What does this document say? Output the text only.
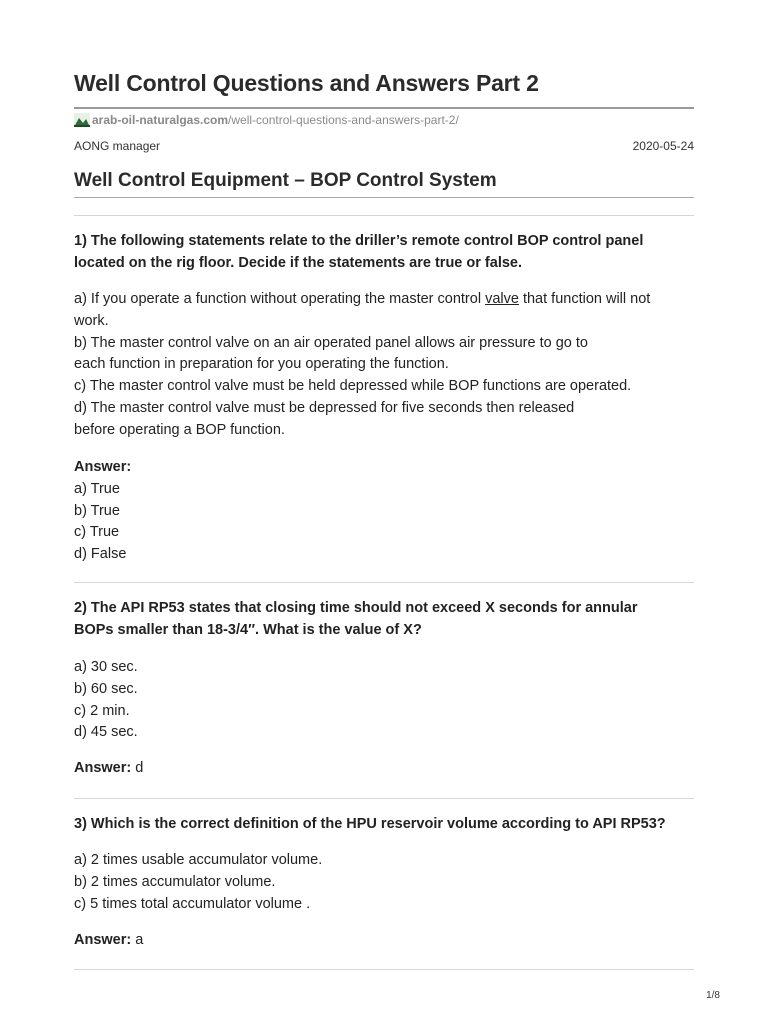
Well Control Questions and Answers Part 2
arab-oil-naturalgas.com/well-control-questions-and-answers-part-2/
AONG manager	2020-05-24
Well Control Equipment – BOP Control System
1) The following statements relate to the driller’s remote control BOP control panel
located on the rig floor. Decide if the statements are true or false.
a) If you operate a function without operating the master control valve that function will not
work.
b) The master control valve on an air operated panel allows air pressure to go to
each function in preparation for you operating the function.
c) The master control valve must be held depressed while BOP functions are operated.
d) The master control valve must be depressed for five seconds then released
before operating a BOP function.
Answer:
a) True
b) True
c) True
d) False
2) The API RP53 states that closing time should not exceed X seconds for annular
BOPs smaller than 18-3/4″. What is the value of X?
a) 30 sec.
b) 60 sec.
c) 2 min.
d) 45 sec.
Answer: d
3) Which is the correct definition of the HPU reservoir volume according to API RP53?
a) 2 times usable accumulator volume.
b) 2 times accumulator volume.
c) 5 times total accumulator volume .
Answer: a
1/8
